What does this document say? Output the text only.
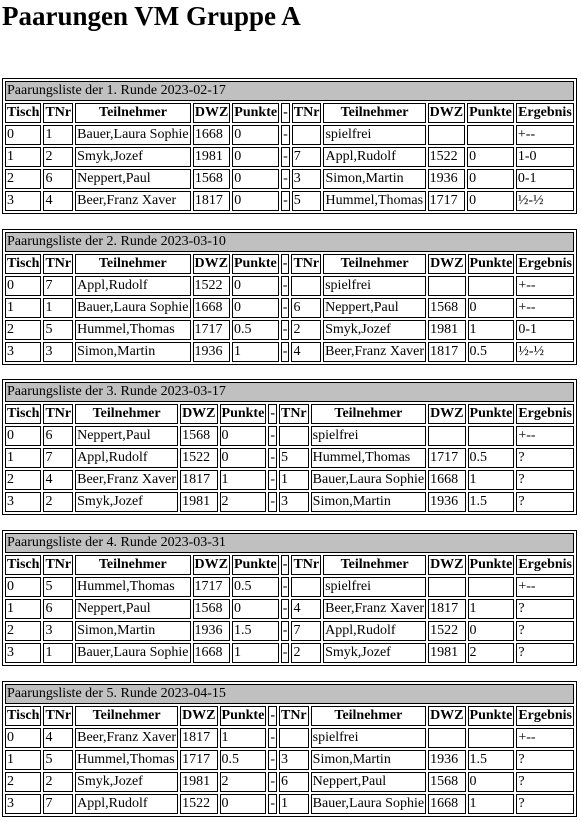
Paarungen VM Gruppe A
Paarungsliste der 1. Runde 2023-02-17										
Tisch	TNr	Teilnehmer	DWZ	Punkte	-	TNr	Teilnehmer	DWZ	Punkte	Ergebnis
0	1	Bauer,Laura Sophie	1668	0	-		spielfrei			+--
1	2	Smyk,Jozef	1981	0	-	7	Appl,Rudolf	1522	0	1-0
2	6	Neppert,Paul	1568	0	-	3	Simon,Martin	1936	0	0-1
3	4	Beer,Franz Xaver	1817	0	-	5	Hummel,Thomas	1717	0	½-½
Paarungsliste der 2. Runde 2023-03-10										
Tisch	TNr	Teilnehmer	DWZ	Punkte	-	TNr	Teilnehmer	DWZ	Punkte	Ergebnis
0	7	Appl,Rudolf	1522	0	-		spielfrei			+--
1	1	Bauer,Laura Sophie	1668	0	-	6	Neppert,Paul	1568	0	+--
2	5	Hummel,Thomas	1717	0.5	-	2	Smyk,Jozef	1981	1	0-1
3	3	Simon,Martin	1936	1	-	4	Beer,Franz Xaver	1817	0.5	½-½
Paarungsliste der 3. Runde 2023-03-17										
Tisch	TNr	Teilnehmer	DWZ	Punkte	-	TNr	Teilnehmer	DWZ	Punkte	Ergebnis
0	6	Neppert,Paul	1568	0	-		spielfrei			+--
1	7	Appl,Rudolf	1522	0	-	5	Hummel,Thomas	1717	0.5	?
2	4	Beer,Franz Xaver	1817	1	-	1	Bauer,Laura Sophie	1668	1	?
3	2	Smyk,Jozef	1981	2	-	3	Simon,Martin	1936	1.5	?
Paarungsliste der 4. Runde 2023-03-31										
Tisch	TNr	Teilnehmer	DWZ	Punkte	-	TNr	Teilnehmer	DWZ	Punkte	Ergebnis
0	5	Hummel,Thomas	1717	0.5	-		spielfrei			+--
1	6	Neppert,Paul	1568	0	-	4	Beer,Franz Xaver	1817	1	?
2	3	Simon,Martin	1936	1.5	-	7	Appl,Rudolf	1522	0	?
3	1	Bauer,Laura Sophie	1668	1	-	2	Smyk,Jozef	1981	2	?
Paarungsliste der 5. Runde 2023-04-15										
Tisch	TNr	Teilnehmer	DWZ	Punkte	-	TNr	Teilnehmer	DWZ	Punkte	Ergebnis
0	4	Beer,Franz Xaver	1817	1	-		spielfrei			+--
1	5	Hummel,Thomas	1717	0.5	-	3	Simon,Martin	1936	1.5	?
2	2	Smyk,Jozef	1981	2	-	6	Neppert,Paul	1568	0	?
3	7	Appl,Rudolf	1522	0	-	1	Bauer,Laura Sophie	1668	1	?
